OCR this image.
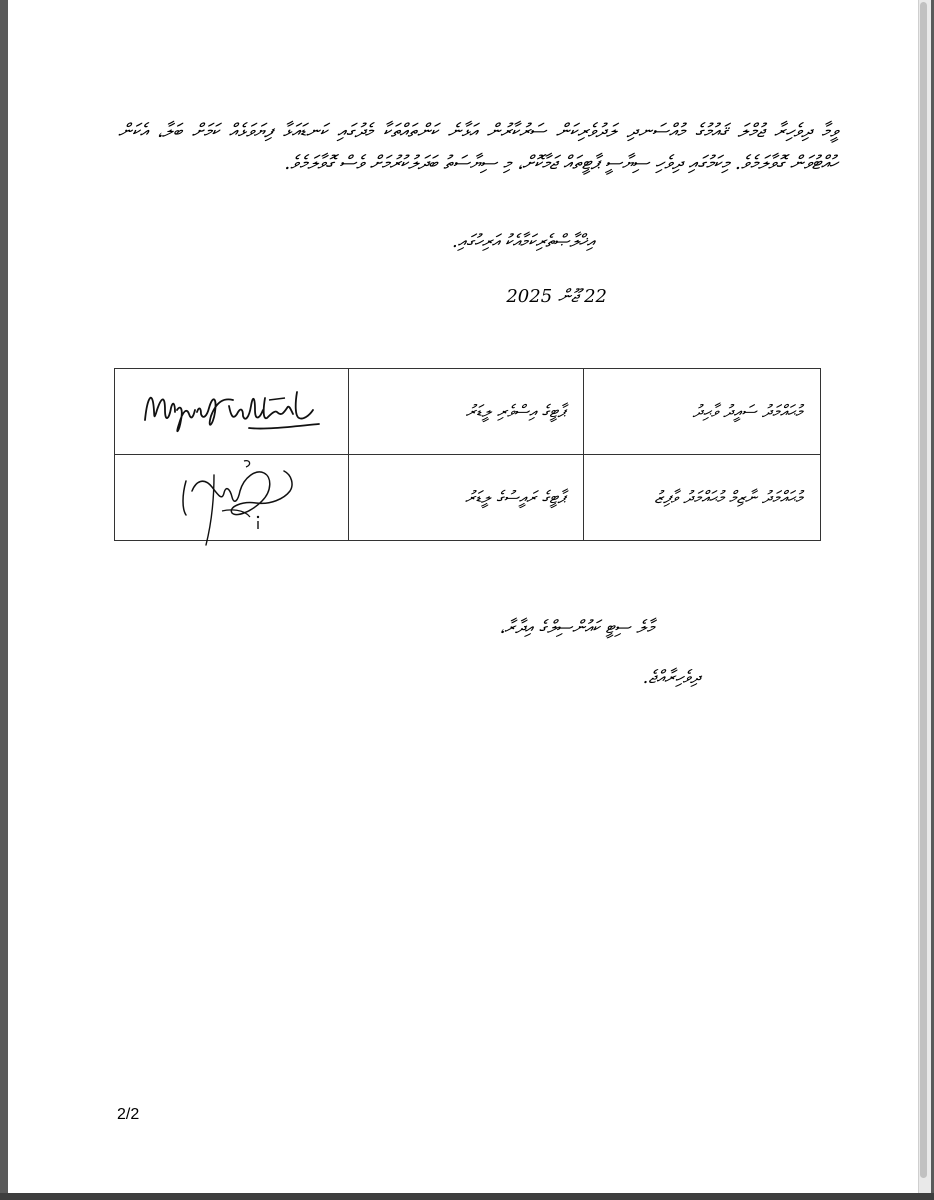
ވީމާ ދިވެހިރާ ޖުމްލަ ޤައުމުގެ މުއްސަނދި ލަދުވެރިކަން ސަރުކާރުން އަޅާނެ ކަންތައްތަކާ މެދުގައި ކަނޑައަޅާ ފިޔަވަޅެއް ކަމަށް ބަލާ، އެކަން ހުއްޓުވަން ގޮވާލަމެވެ. މިކަމުގައި ދިވެހި ސިޔާސީ ޕާޓީތައް ޖަމާކޮށް، މި ސިޔާސަތު ބަދަލުކުރުމަށް ވެސް ގޮވާލަމެވެ.
އިޚްލާޞްތެރިކަމާއެކު އަރިހުގައި.
22 ޖޫން 2025

ޕާޓީގެ އިސްވެރި ލީޑަރު	މުޙައްމަދު ސައީދު ވާޙިދު

ޕާޓީގެ ރައީސުގެ ލީޑަރު	މުޙައްމަދު ނާޒިމް މުޙައްމަދު ވާފިޒު
މާލެ ސިޓީ ކައުންސިލްގެ އިދާރާ،
ދިވެހިރާއްޖެ.
2/2
